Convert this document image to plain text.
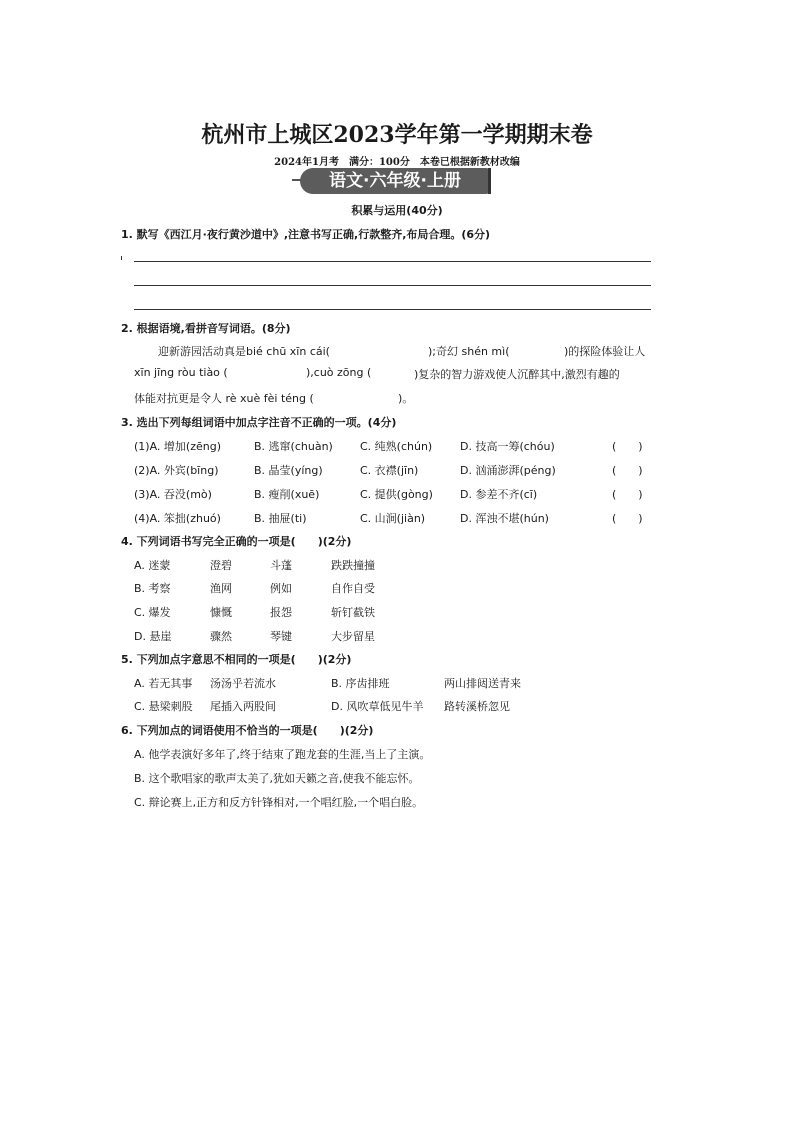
杭州市上城区2023学年第一学期期末卷
2024年1月考　满分：100分　本卷已根据新教材改编
语文·六年级·上册
积累与运用(40分)
1. 默写《西江月·夜行黄沙道中》,注意书写正确,行款整齐,布局合理。(6分)
2. 根据语境,看拼音写词语。(8分)
迎新游园活动真是bié chū xīn cái(	);奇幻 shén mì(	)的探险体验让人
xīn jīng ròu tiào (	),cuò zōng (	)复杂的智力游戏使人沉醉其中,激烈有趣的
体能对抗更是令人 rè xuè fèi téng (	)。
3. 选出下列每组词语中加点字注音不正确的一项。(4分)
(1)A. 增加(zēng)	B. 逃窜(chuàn) C. 纯熟(chún)	D. 技高一筹(chóu)	(　　)
(2)A. 外宾(bīng)	B. 晶莹(yíng)	C. 衣襟(jīn)	D. 汹涌澎湃(péng)	(　　)
(3)A. 吞没(mò)	B. 瘦削(xuē)	C. 提供(gòng) D. 参差不齐(cī)	(　　)
(4)A. 笨拙(zhuó)	B. 抽屉(ti)	C. 山涧(jiàn)	D. 浑浊不堪(hún)	(　　)
4. 下列词语书写完全正确的一项是(　　)(2分)
A. 迷蒙	澄碧	斗蓬	跌跌撞撞
B. 考察	渔网	例如	自作自受
C. 爆发	慷慨	报怨	斩钉截铁
D. 悬崖	骤然	琴键	大步留星
5. 下列加点字意思不相同的一项是(　　)(2分)
A. 若无其事 汤汤乎若流水	B. 序齿排班	两山排闼送青来
C. 悬梁刺股 尾插入两股间	D. 风吹草低见牛羊 路转溪桥忽见
6. 下列加点的词语使用不恰当的一项是(　　)(2分)
A. 他学表演好多年了,终于结束了跑龙套的生涯,当上了主演。
B. 这个歌唱家的歌声太美了,犹如天籁之音,使我不能忘怀。
C. 辩论赛上,正方和反方针锋相对,一个唱红脸,一个唱白脸。
